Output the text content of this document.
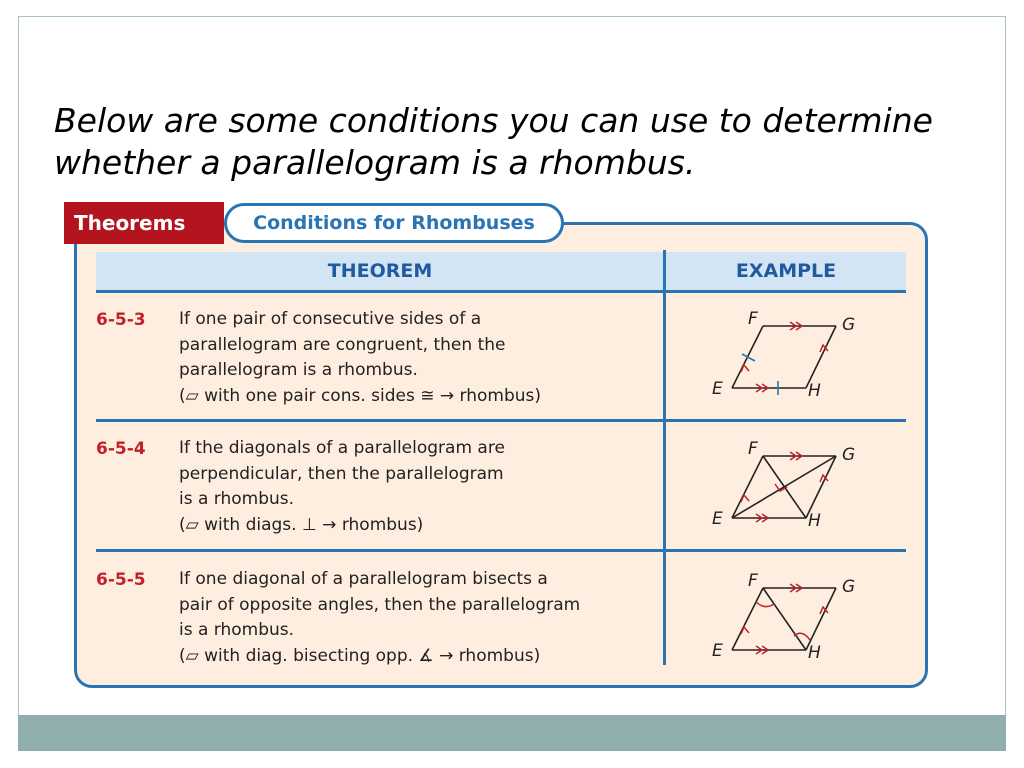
Below are some conditions you can use to determine
whether a parallelogram is a rhombus.
Theorems	Conditions for Rhombuses
THEOREM	EXAMPLE
6-5-3 If one pair of consecutive sides of a
parallelogram are congruent, then the
parallelogram is a rhombus.
(▱ with one pair cons. sides ≅ → rhombus)
6-5-4 If the diagonals of a parallelogram are
perpendicular, then the parallelogram
is a rhombus.
(▱ with diags. ⊥ → rhombus)
6-5-5 If one diagonal of a parallelogram bisects a
pair of opposite angles, then the parallelogram
is a rhombus.
(▱ with diag. bisecting opp. ∡ → rhombus)
F	G
E	H
F	G
E	H
F	G
E	H
